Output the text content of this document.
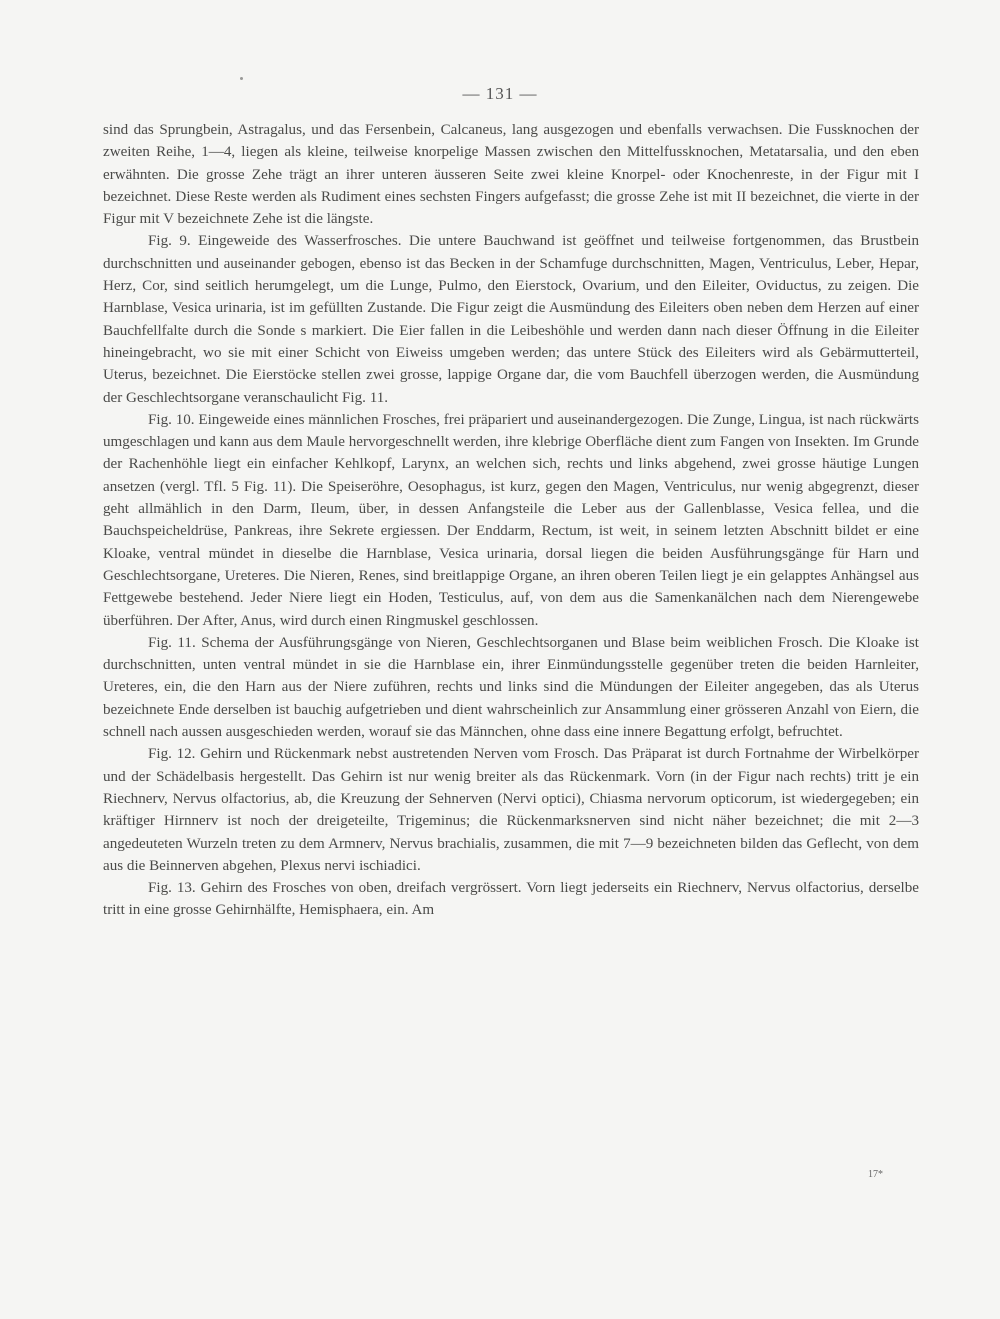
— 131 —

sind das Sprungbein, Astragalus, und das Fersenbein, Calcaneus, lang ausgezogen und ebenfalls verwachsen. Die Fussknochen der zweiten Reihe, 1—4, liegen als kleine, teilweise knorpelige Massen zwischen den Mittelfussknochen, Metatarsalia, und den eben erwähnten. Die grosse Zehe trägt an ihrer unteren äusseren Seite zwei kleine Knorpel- oder Knochenreste, in der Figur mit I bezeichnet. Diese Reste werden als Rudiment eines sechsten Fingers aufgefasst; die grosse Zehe ist mit II bezeichnet, die vierte in der Figur mit V bezeichnete Zehe ist die längste.

Fig. 9. Eingeweide des Wasserfrosches. Die untere Bauchwand ist geöffnet und teilweise fortgenommen, das Brustbein durchschnitten und auseinander gebogen, ebenso ist das Becken in der Schamfuge durchschnitten, Magen, Ventriculus, Leber, Hepar, Herz, Cor, sind seitlich herumgelegt, um die Lunge, Pulmo, den Eierstock, Ovarium, und den Eileiter, Oviductus, zu zeigen. Die Harnblase, Vesica urinaria, ist im gefüllten Zustande. Die Figur zeigt die Ausmündung des Eileiters oben neben dem Herzen auf einer Bauchfellfalte durch die Sonde s markiert. Die Eier fallen in die Leibeshöhle und werden dann nach dieser Öffnung in die Eileiter hineingebracht, wo sie mit einer Schicht von Eiweiss umgeben werden; das untere Stück des Eileiters wird als Gebärmutterteil, Uterus, bezeichnet. Die Eierstöcke stellen zwei grosse, lappige Organe dar, die vom Bauchfell überzogen werden, die Ausmündung der Geschlechtsorgane veranschaulicht Fig. 11.

Fig. 10. Eingeweide eines männlichen Frosches, frei präpariert und auseinandergezogen. Die Zunge, Lingua, ist nach rückwärts umgeschlagen und kann aus dem Maule hervorgeschnellt werden, ihre klebrige Oberfläche dient zum Fangen von Insekten. Im Grunde der Rachenhöhle liegt ein einfacher Kehlkopf, Larynx, an welchen sich, rechts und links abgehend, zwei grosse häutige Lungen ansetzen (vergl. Tfl. 5 Fig. 11). Die Speiseröhre, Oesophagus, ist kurz, gegen den Magen, Ventriculus, nur wenig abgegrenzt, dieser geht allmählich in den Darm, Ileum, über, in dessen Anfangsteile die Leber aus der Gallenblasse, Vesica fellea, und die Bauchspeicheldrüse, Pankreas, ihre Sekrete ergiessen. Der Enddarm, Rectum, ist weit, in seinem letzten Abschnitt bildet er eine Kloake, ventral mündet in dieselbe die Harnblase, Vesica urinaria, dorsal liegen die beiden Ausführungsgänge für Harn und Geschlechtsorgane, Ureteres. Die Nieren, Renes, sind breitlappige Organe, an ihren oberen Teilen liegt je ein gelapptes Anhängsel aus Fettgewebe bestehend. Jeder Niere liegt ein Hoden, Testiculus, auf, von dem aus die Samenkanälchen nach dem Nierengewebe überführen. Der After, Anus, wird durch einen Ringmuskel geschlossen.

Fig. 11. Schema der Ausführungsgänge von Nieren, Geschlechtsorganen und Blase beim weiblichen Frosch. Die Kloake ist durchschnitten, unten ventral mündet in sie die Harnblase ein, ihrer Einmündungsstelle gegenüber treten die beiden Harnleiter, Ureteres, ein, die den Harn aus der Niere zuführen, rechts und links sind die Mündungen der Eileiter angegeben, das als Uterus bezeichnete Ende derselben ist bauchig aufgetrieben und dient wahrscheinlich zur Ansammlung einer grösseren Anzahl von Eiern, die schnell nach aussen ausgeschieden werden, worauf sie das Männchen, ohne dass eine innere Begattung erfolgt, befruchtet.

Fig. 12. Gehirn und Rückenmark nebst austretenden Nerven vom Frosch. Das Präparat ist durch Fortnahme der Wirbelkörper und der Schädelbasis hergestellt. Das Gehirn ist nur wenig breiter als das Rückenmark. Vorn (in der Figur nach rechts) tritt je ein Riechnerv, Nervus olfactorius, ab, die Kreuzung der Sehnerven (Nervi optici), Chiasma nervorum opticorum, ist wiedergegeben; ein kräftiger Hirnnerv ist noch der dreigeteilte, Trigeminus; die Rückenmarksnerven sind nicht näher bezeichnet; die mit 2—3 angedeuteten Wurzeln treten zu dem Armnerv, Nervus brachialis, zusammen, die mit 7—9 bezeichneten bilden das Geflecht, von dem aus die Beinnerven abgehen, Plexus nervi ischiadici.

Fig. 13. Gehirn des Frosches von oben, dreifach vergrössert. Vorn liegt jederseits ein Riechnerv, Nervus olfactorius, derselbe tritt in eine grosse Gehirnhälfte, Hemisphaera, ein. Am

17*
